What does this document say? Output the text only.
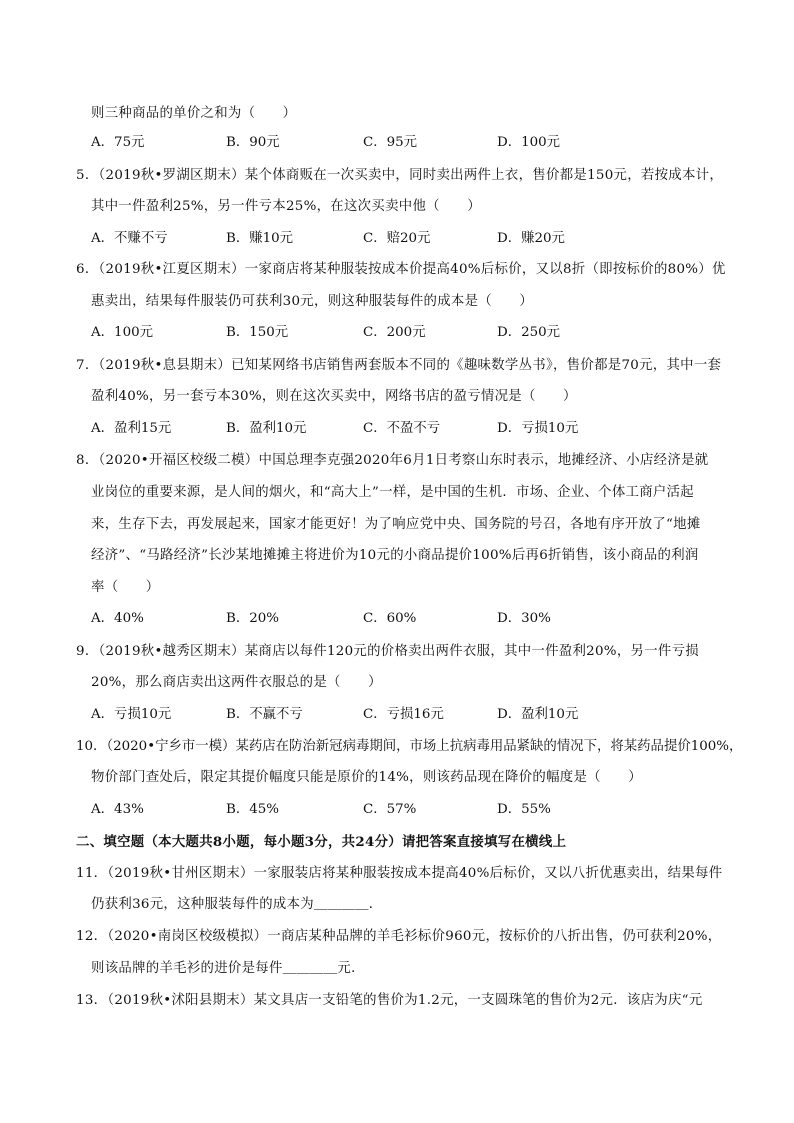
则三种商品的单价之和为（　　）
A．75元	B．90元	C．95元	D．100元
5．（2019秋•罗湖区期末）某个体商贩在一次买卖中，同时卖出两件上衣，售价都是150元，若按成本计，
其中一件盈利25%，另一件亏本25%，在这次买卖中他（　　）
A．不赚不亏	B．赚10元	C．赔20元	D．赚20元
6．（2019秋•江夏区期末）一家商店将某种服装按成本价提高40%后标价，又以8折（即按标价的80%）优
惠卖出，结果每件服装仍可获利30元，则这种服装每件的成本是（　　）
A．100元	B．150元	C．200元	D．250元
7．（2019秋•息县期末）已知某网络书店销售两套版本不同的《趣味数学丛书》，售价都是70元，其中一套
盈利40%，另一套亏本30%，则在这次买卖中，网络书店的盈亏情况是（　　）
A．盈利15元	B．盈利10元	C．不盈不亏	D．亏损10元
8．（2020•开福区校级二模）中国总理李克强2020年6月1日考察山东时表示，地摊经济、小店经济是就
业岗位的重要来源，是人间的烟火，和“高大上”一样，是中国的生机．市场、企业、个体工商户活起
来，生存下去，再发展起来，国家才能更好！为了响应党中央、国务院的号召，各地有序开放了“地摊
经济”、“马路经济”长沙某地摊摊主将进价为10元的小商品提价100%后再6折销售，该小商品的利润
率（　　）
A．40%	B．20%	C．60%	D．30%
9．（2019秋•越秀区期末）某商店以每件120元的价格卖出两件衣服，其中一件盈利20%，另一件亏损
20%，那么商店卖出这两件衣服总的是（　　）
A．亏损10元	B．不赢不亏	C．亏损16元	D．盈利10元
10．（2020•宁乡市一模）某药店在防治新冠病毒期间，市场上抗病毒用品紧缺的情况下，将某药品提价100%，
物价部门查处后，限定其提价幅度只能是原价的14%，则该药品现在降价的幅度是（　　）
A．43%	B．45%	C．57%	D．55%
二、填空题（本大题共8小题，每小题3分，共24分）请把答案直接填写在横线上
11．（2019秋•甘州区期末）一家服装店将某种服装按成本提高40%后标价，又以八折优惠卖出，结果每件
仍获利36元，这种服装每件的成本为＿＿＿＿．
12．（2020•南岗区校级模拟）一商店某种品牌的羊毛衫标价960元，按标价的八折出售，仍可获利20%，
则该品牌的羊毛衫的进价是每件＿＿＿＿元．
13．（2019秋•沭阳县期末）某文具店一支铅笔的售价为1.2元，一支圆珠笔的售价为2元．该店为庆“元
